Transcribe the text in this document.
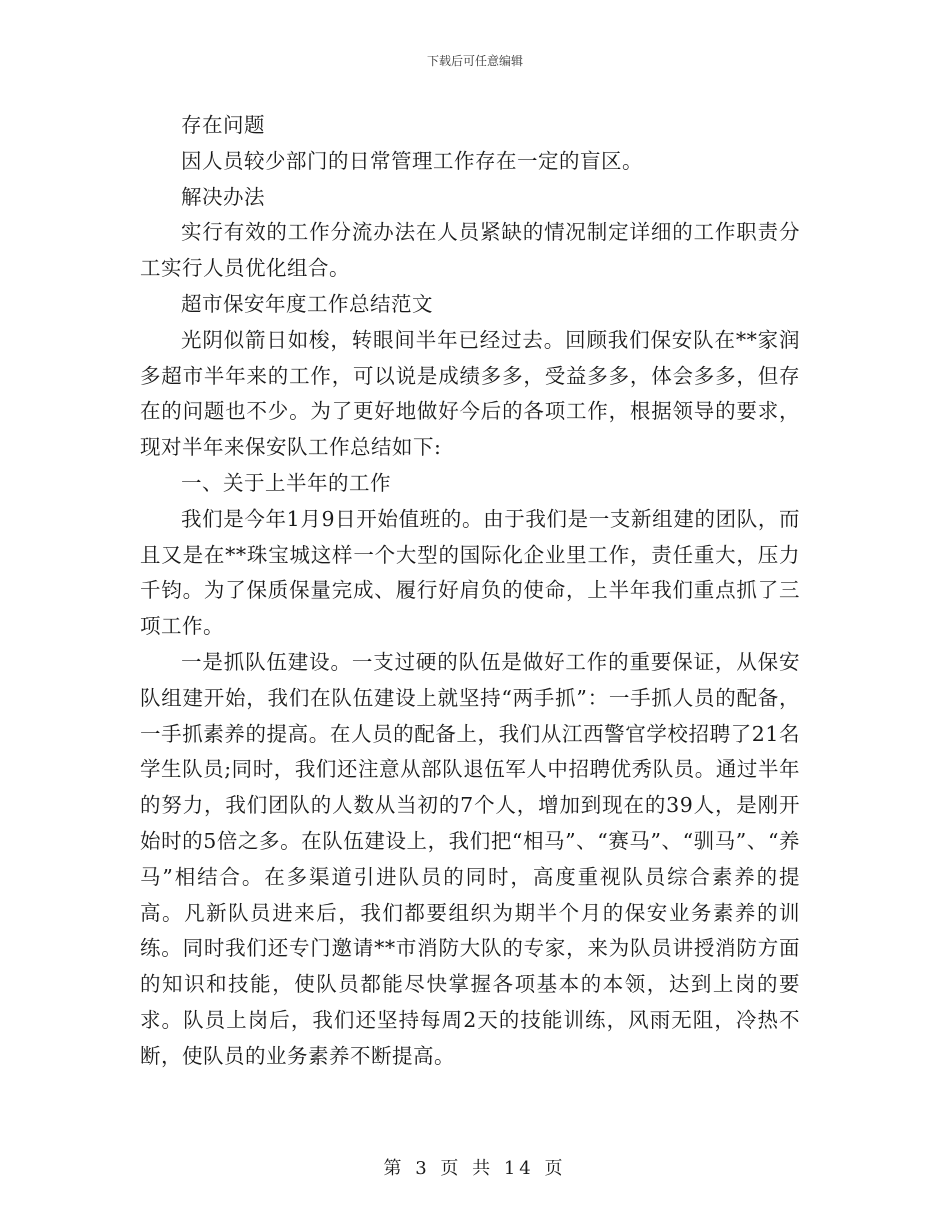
下载后可任意编辑

存在问题

因人员较少部门的日常管理工作存在一定的盲区。

解决办法

实行有效的工作分流办法在人员紧缺的情况制定详细的工作职责分工实行人员优化组合。

超市保安年度工作总结范文

光阴似箭日如梭，转眼间半年已经过去。回顾我们保安队在**家润多超市半年来的工作，可以说是成绩多多，受益多多，体会多多，但存在的问题也不少。为了更好地做好今后的各项工作，根据领导的要求，现对半年来保安队工作总结如下:

一、关于上半年的工作

我们是今年1月9日开始值班的。由于我们是一支新组建的团队，而且又是在**珠宝城这样一个大型的国际化企业里工作，责任重大，压力千钧。为了保质保量完成、履行好肩负的使命，上半年我们重点抓了三项工作。

一是抓队伍建设。一支过硬的队伍是做好工作的重要保证，从保安队组建开始，我们在队伍建设上就坚持“两手抓”：一手抓人员的配备，一手抓素养的提高。在人员的配备上，我们从江西警官学校招聘了21名学生队员;同时，我们还注意从部队退伍军人中招聘优秀队员。通过半年的努力，我们团队的人数从当初的7个人，增加到现在的39人，是刚开始时的5倍之多。在队伍建设上，我们把“相马”、“赛马”、“驯马”、“养马”相结合。在多渠道引进队员的同时，高度重视队员综合素养的提高。凡新队员进来后，我们都要组织为期半个月的保安业务素养的训练。同时我们还专门邀请**市消防大队的专家，来为队员讲授消防方面的知识和技能，使队员都能尽快掌握各项基本的本领，达到上岗的要求。队员上岗后，我们还坚持每周2天的技能训练，风雨无阻，冷热不断，使队员的业务素养不断提高。

第 3 页 共 14 页
